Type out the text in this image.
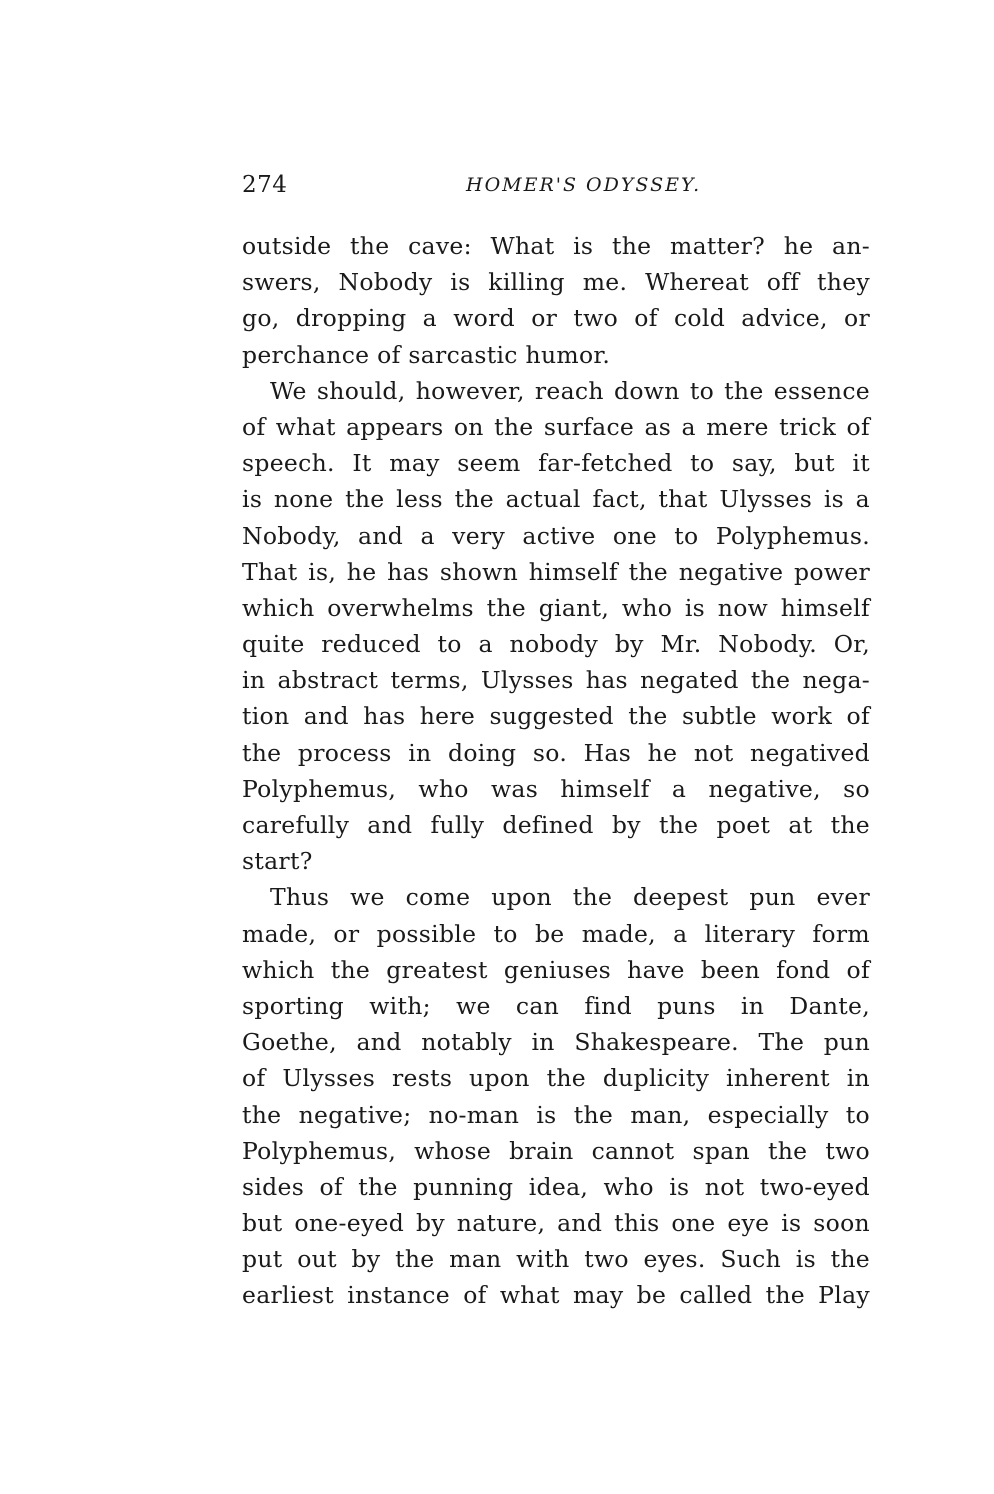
274	HOMER'S ODYSSEY.
outside the cave: What is the matter? he an-
swers, Nobody is killing me. Whereat off they
go, dropping a word or two of cold advice, or
perchance of sarcastic humor.
We should, however, reach down to the essence
of what appears on the surface as a mere trick of
speech. It may seem far-fetched to say, but it
is none the less the actual fact, that Ulysses is a
Nobody, and a very active one to Polyphemus.
That is, he has shown himself the negative power
which overwhelms the giant, who is now himself
quite reduced to a nobody by Mr. Nobody. Or,
in abstract terms, Ulysses has negated the nega-
tion and has here suggested the subtle work of
the process in doing so. Has he not negatived
Polyphemus, who was himself a negative, so
carefully and fully defined by the poet at the
start?
Thus we come upon the deepest pun ever
made, or possible to be made, a literary form
which the greatest geniuses have been fond of
sporting with; we can find puns in Dante,
Goethe, and notably in Shakespeare. The pun
of Ulysses rests upon the duplicity inherent in
the negative; no-man is the man, especially to
Polyphemus, whose brain cannot span the two
sides of the punning idea, who is not two-eyed
but one-eyed by nature, and this one eye is soon
put out by the man with two eyes. Such is the
earliest instance of what may be called the Play
